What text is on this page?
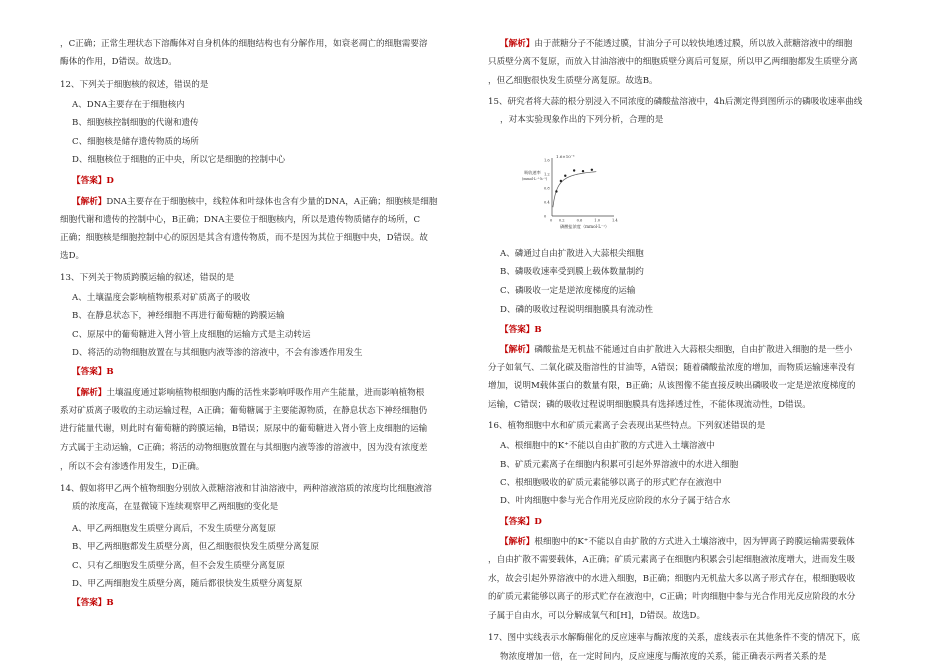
，C正确；正常生理状态下溶酶体对自身机体的细胞结构也有分解作用，如衰老凋亡的细胞需要溶
酶体的作用，D错误。故选D。
12、下列关于细胞核的叙述，错误的是
A、DNA主要存在于细胞核内
B、细胞核控制细胞的代谢和遗传
C、细胞核是储存遗传物质的场所
D、细胞核位于细胞的正中央，所以它是细胞的控制中心
【答案】D
【解析】DNA主要存在于细胞核中，线粒体和叶绿体也含有少量的DNA，A正确；细胞核是细胞
细胞代谢和遗传的控制中心，B正确；DNA主要位于细胞核内，所以是遗传物质储存的场所，C
正确；细胞核是细胞控制中心的原因是其含有遗传物质，而不是因为其位于细胞中央，D错误。故
选D。
13、下列关于物质跨膜运输的叙述，错误的是
A、土壤温度会影响植物根系对矿质离子的吸收
B、在静息状态下，神经细胞不再进行葡萄糖的跨膜运输
C、原尿中的葡萄糖进入肾小管上皮细胞的运输方式是主动转运
D、将活的动物细胞放置在与其细胞内液等渗的溶液中，不会有渗透作用发生
【答案】B
【解析】土壤温度通过影响植物根细胞内酶的活性来影响呼吸作用产生能量，进而影响植物根
系对矿质离子吸收的主动运输过程，A正确；葡萄糖属于主要能源物质，在静息状态下神经细胞仍
进行能量代谢，则此时有葡萄糖的跨膜运输，B错误；原尿中的葡萄糖进入肾小管上皮细胞的运输
方式属于主动运输，C正确；将活的动物细胞放置在与其细胞内液等渗的溶液中，因为没有浓度差
，所以不会有渗透作用发生，D正确。
14、假如将甲乙两个植物细胞分别放入蔗糖溶液和甘油溶液中，两种溶液溶质的浓度均比细胞液溶
质的浓度高，在显微镜下连续观察甲乙两细胞的变化是
A、甲乙两细胞发生质壁分离后，不发生质壁分离复原
B、甲乙两细胞都发生质壁分离，但乙细胞很快发生质壁分离复原
C、只有乙细胞发生质壁分离，但不会发生质壁分离复原
D、甲乙两细胞发生质壁分离，随后都很快发生质壁分离复原
【答案】B
【解析】由于蔗糖分子不能透过膜，甘油分子可以较快地透过膜，所以放入蔗糖溶液中的细胞
只质壁分离不复原，而放入甘油溶液中的细胞质壁分离后可复原，所以甲乙两细胞都发生质壁分离
，但乙细胞很快发生质壁分离复原。故选B。
15、研究者将大蒜的根分别浸入不同浓度的磷酸盐溶液中，4h后测定得到图所示的磷吸收速率曲线
，对本实验现象作出的下列分析，合理的是
A、磷通过自由扩散进入大蒜根尖细胞
B、磷吸收速率受到膜上载体数量制约
C、磷吸收一定是逆浓度梯度的运输
D、磷的吸收过程说明细胞膜具有流动性
【答案】B
【解析】磷酸盐是无机盐不能通过自由扩散进入大蒜根尖细胞，自由扩散进入细胞的是一些小
分子如氧气、二氧化碳及脂溶性的甘油等，A错误；随着磷酸盐浓度的增加，而物质运输速率没有
增加，说明M载体蛋白的数量有限，B正确；从该图像不能直接反映出磷吸收一定是逆浓度梯度的
运输，C错误；磷的吸收过程说明细胞膜具有选择透过性，不能体现流动性，D错误。
16、植物细胞中水和矿质元素离子会表现出某些特点。下列叙述错误的是
A、根细胞中的K⁺不能以自由扩散的方式进入土壤溶液中
B、矿质元素离子在细胞内积累可引起外界溶液中的水进入细胞
C、根细胞吸收的矿质元素能够以离子的形式贮存在液泡中
D、叶肉细胞中参与光合作用光反应阶段的水分子属于结合水
【答案】D
【解析】根细胞中的K⁺不能以自由扩散的方式进入土壤溶液中，因为钾离子跨膜运输需要载体
，自由扩散不需要载体，A正确；矿质元素离子在细胞内积累会引起细胞液浓度增大，进而发生吸
水，故会引起外界溶液中的水进入细胞，B正确；细胞内无机盐大多以离子形式存在，根细胞吸收
的矿质元素能够以离子的形式贮存在液泡中，C正确；叶肉细胞中参与光合作用光反应阶段的水分
子属于自由水，可以分解成氧气和[H]，D错误。故选D。
17、图中实线表示水解酶催化的反应速率与酶浓度的关系，虚线表示在其他条件不变的情况下，底
物浓度增加一倍，在一定时间内，反应速度与酶浓度的关系，能正确表示两者关系的是
吸收速率
(mmol·L⁻¹·h⁻¹)
1.6×10⁻³
1.6
1.2
0.8
0.4
0
0 0.2	0.6	1.0	1.4
磷酸盐浓度（mmol·L⁻¹）
